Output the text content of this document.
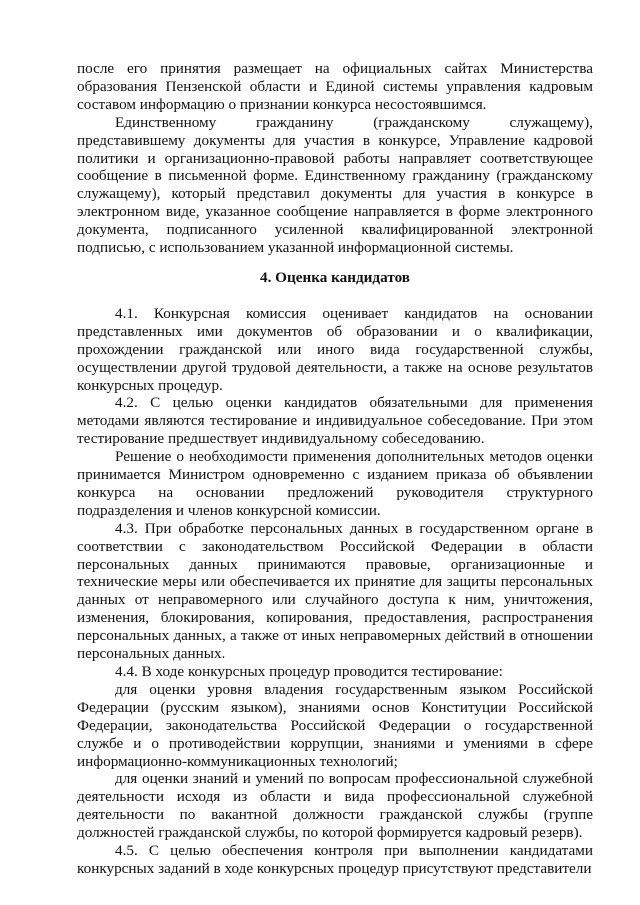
после его принятия размещает на официальных сайтах Министерства образования Пензенской области и Единой системы управления кадровым составом информацию о признании конкурса несостоявшимся.

Единственному гражданину (гражданскому служащему), представившему документы для участия в конкурсе, Управление кадровой политики и организационно-правовой работы направляет соответствующее сообщение в письменной форме. Единственному гражданину (гражданскому служащему), который представил документы для участия в конкурсе в электронном виде, указанное сообщение направляется в форме электронного документа, подписанного усиленной квалифицированной электронной подписью, с использованием указанной информационной системы.

4. Оценка кандидатов

4.1. Конкурсная комиссия оценивает кандидатов на основании представленных ими документов об образовании и о квалификации, прохождении гражданской или иного вида государственной службы, осуществлении другой трудовой деятельности, а также на основе результатов конкурсных процедур.

4.2. С целью оценки кандидатов обязательными для применения методами являются тестирование и индивидуальное собеседование. При этом тестирование предшествует индивидуальному собеседованию.

Решение о необходимости применения дополнительных методов оценки принимается Министром одновременно с изданием приказа об объявлении конкурса на основании предложений руководителя структурного подразделения и членов конкурсной комиссии.

4.3. При обработке персональных данных в государственном органе в соответствии с законодательством Российской Федерации в области персональных данных принимаются правовые, организационные и технические меры или обеспечивается их принятие для защиты персональных данных от неправомерного или случайного доступа к ним, уничтожения, изменения, блокирования, копирования, предоставления, распространения персональных данных, а также от иных неправомерных действий в отношении персональных данных.

4.4. В ходе конкурсных процедур проводится тестирование:

для оценки уровня владения государственным языком Российской Федерации (русским языком), знаниями основ Конституции Российской Федерации, законодательства Российской Федерации о государственной службе и о противодействии коррупции, знаниями и умениями в сфере информационно-коммуникационных технологий;

для оценки знаний и умений по вопросам профессиональной служебной деятельности исходя из области и вида профессиональной служебной деятельности по вакантной должности гражданской службы (группе должностей гражданской службы, по которой формируется кадровый резерв).

4.5. С целью обеспечения контроля при выполнении кандидатами конкурсных заданий в ходе конкурсных процедур присутствуют представители
